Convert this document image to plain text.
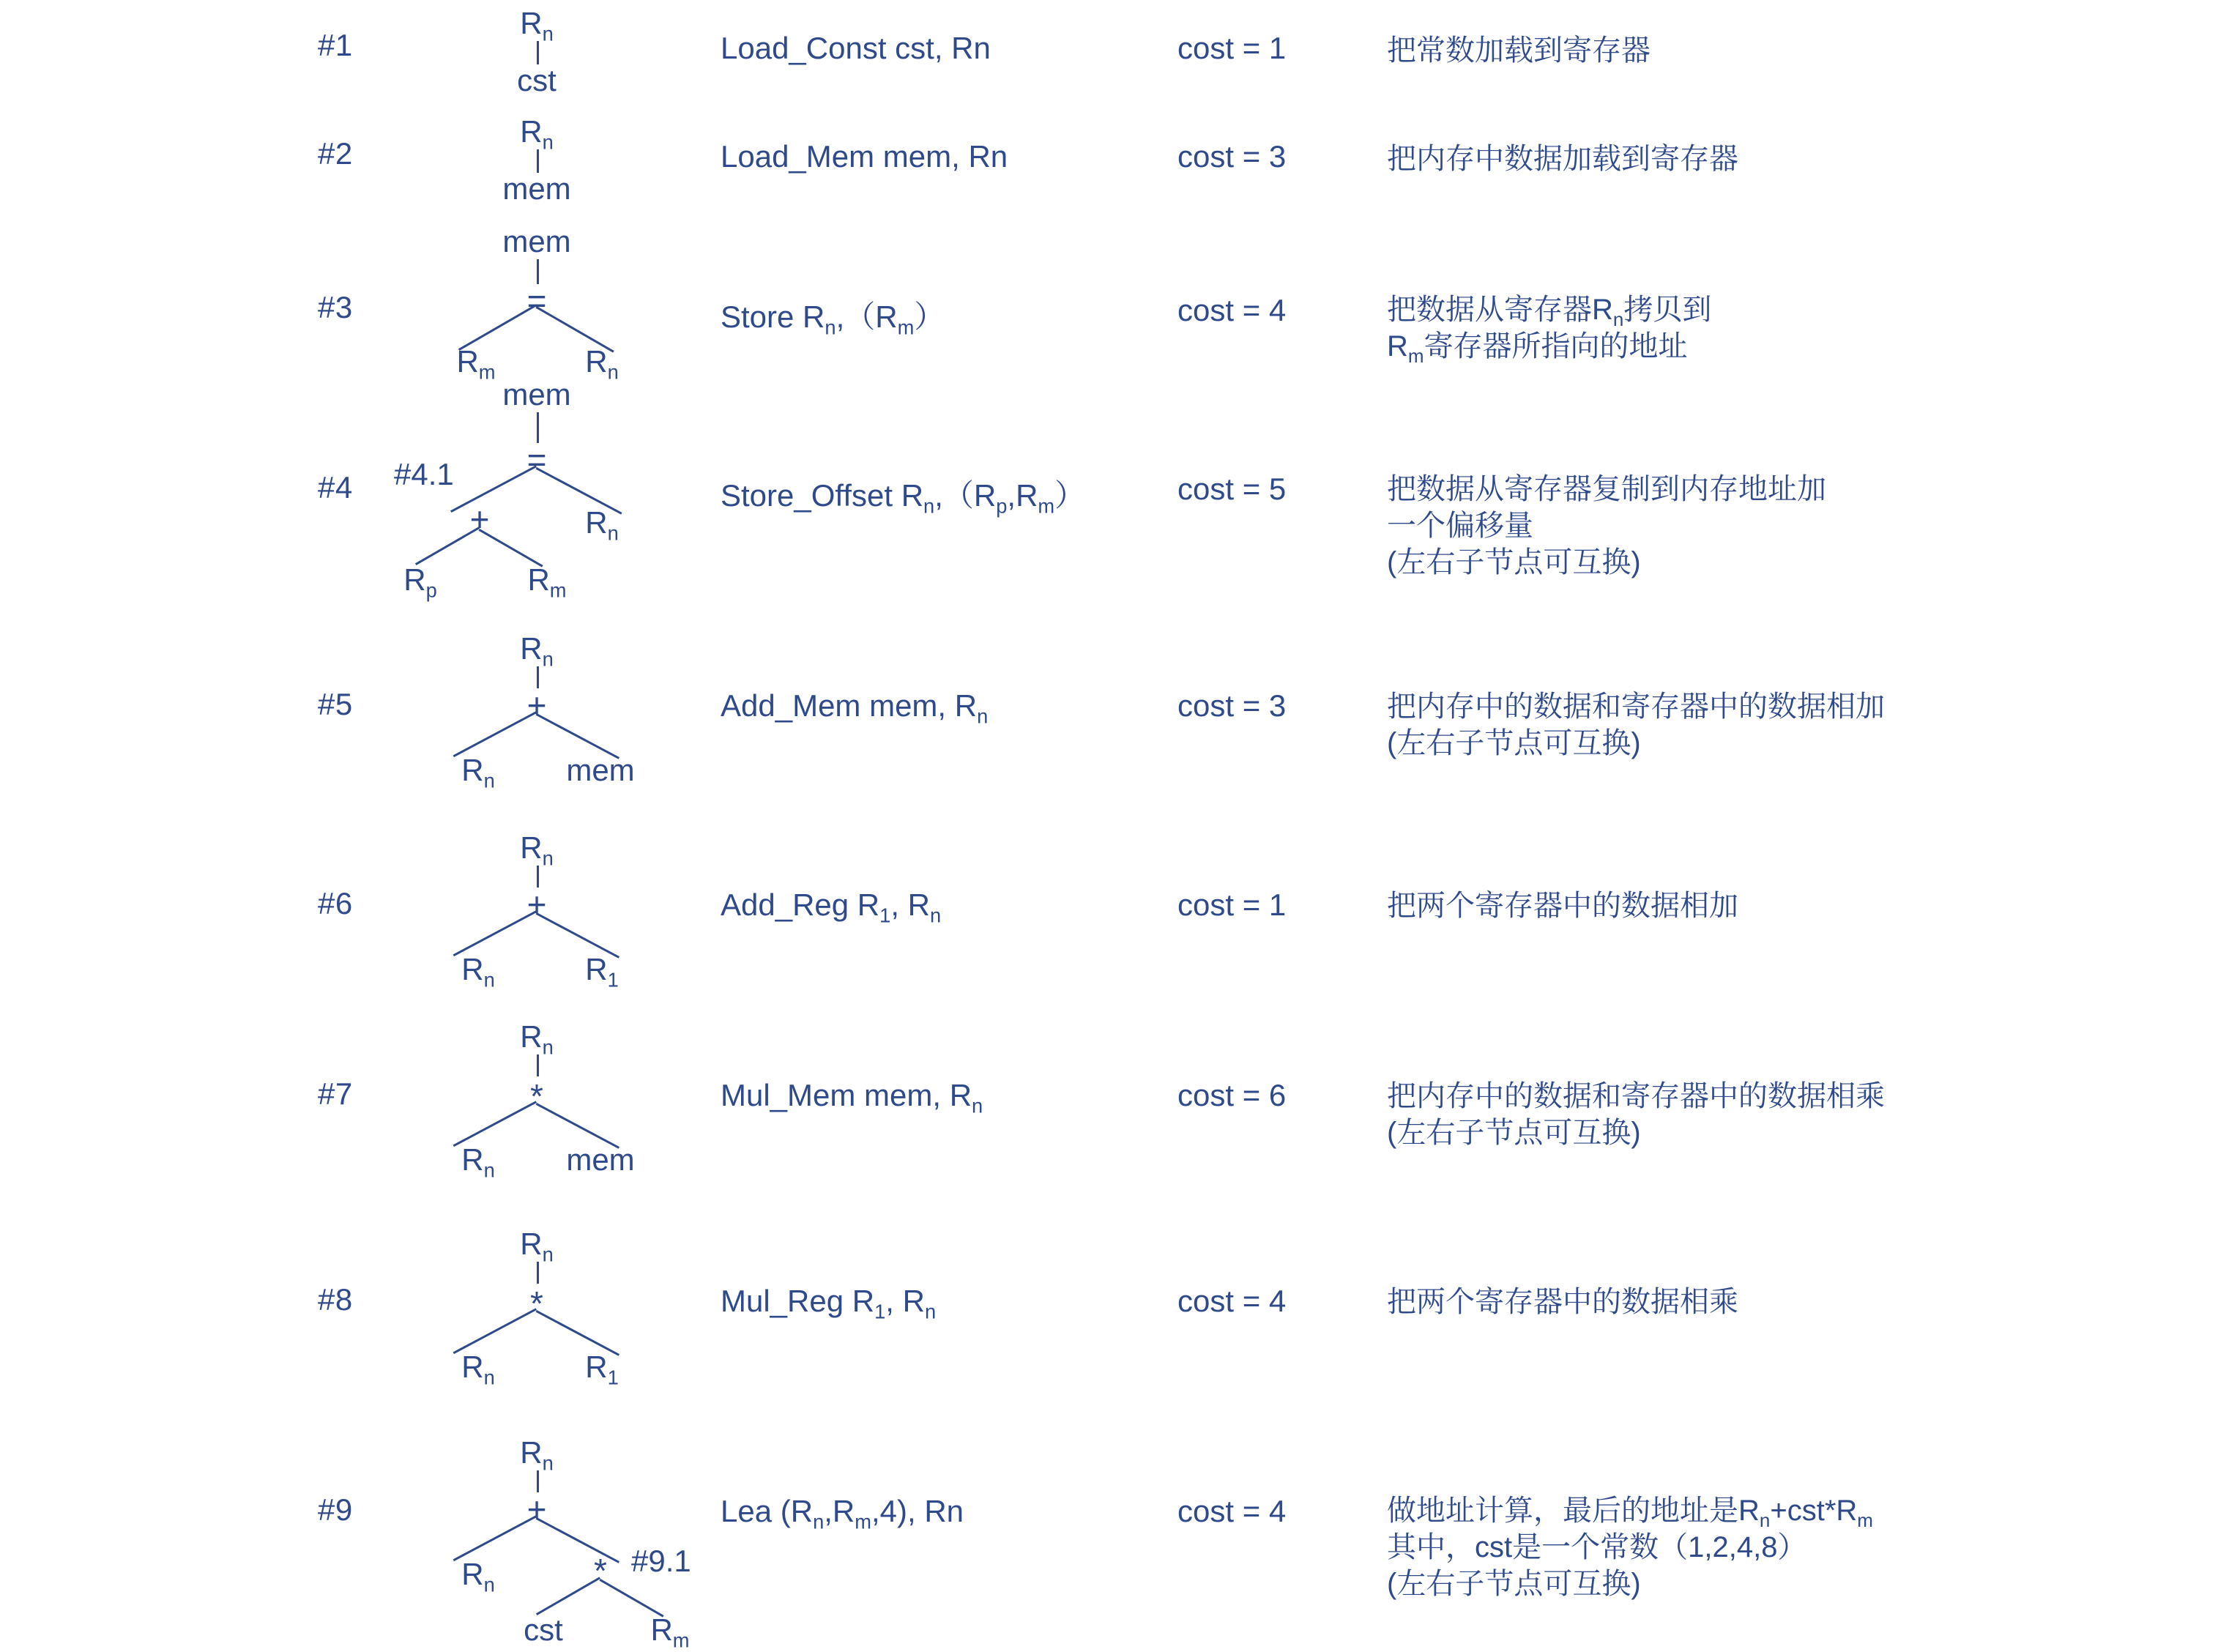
#1
$R_n$
cst
Load_Const cst, Rn	cost = 1	把常数加载到寄存器
#2
$R_n$
mem
Load_Mem mem, Rn	cost = 3	把内存中数据加载到寄存器
#3
mem
=
$R_m$	$R_n$
Store $R_n,(R_m)$	cost = 4	把数据从寄存器$R_n$拷贝到
$R_m$寄存器所指向的地址
#4 #4.1
mem
=
+	$R_n$
$R_p$	$R_m$
Store_Offset $R_n,(R_p,R_m)$	cost = 5	把数据从寄存器复制到内存地址加
一个偏移量
(左右子节点可互换)
#5
$R_n$
+
$R_n$ mem
Add_Mem mem, $R_n$	cost = 3	把内存中的数据和寄存器中的数据相加
(左右子节点可互换)
#6
$R_n$
+
$R_n$	$R_1$
Add_Reg $R_1$, $R_n$	cost = 1	把两个寄存器中的数据相加
#7
$R_n$
*
$R_n$ mem
Mul_Mem mem, $R_n$	cost = 6	把内存中的数据和寄存器中的数据相乘
(左右子节点可互换)
#8
$R_n$
*
$R_n$	$R_1$
Mul_Reg $R_1$, $R_n$	cost = 4	把两个寄存器中的数据相乘
#9
$R_n$
+
$R_n$	* #9.1
cst	$R_m$
Lea $(R_n,R_m,4)$, Rn	cost = 4	做地址计算，最后的地址是$R_n+cst*R_m$
其中，cst是一个常数（1,2,4,8）
(左右子节点可互换)
